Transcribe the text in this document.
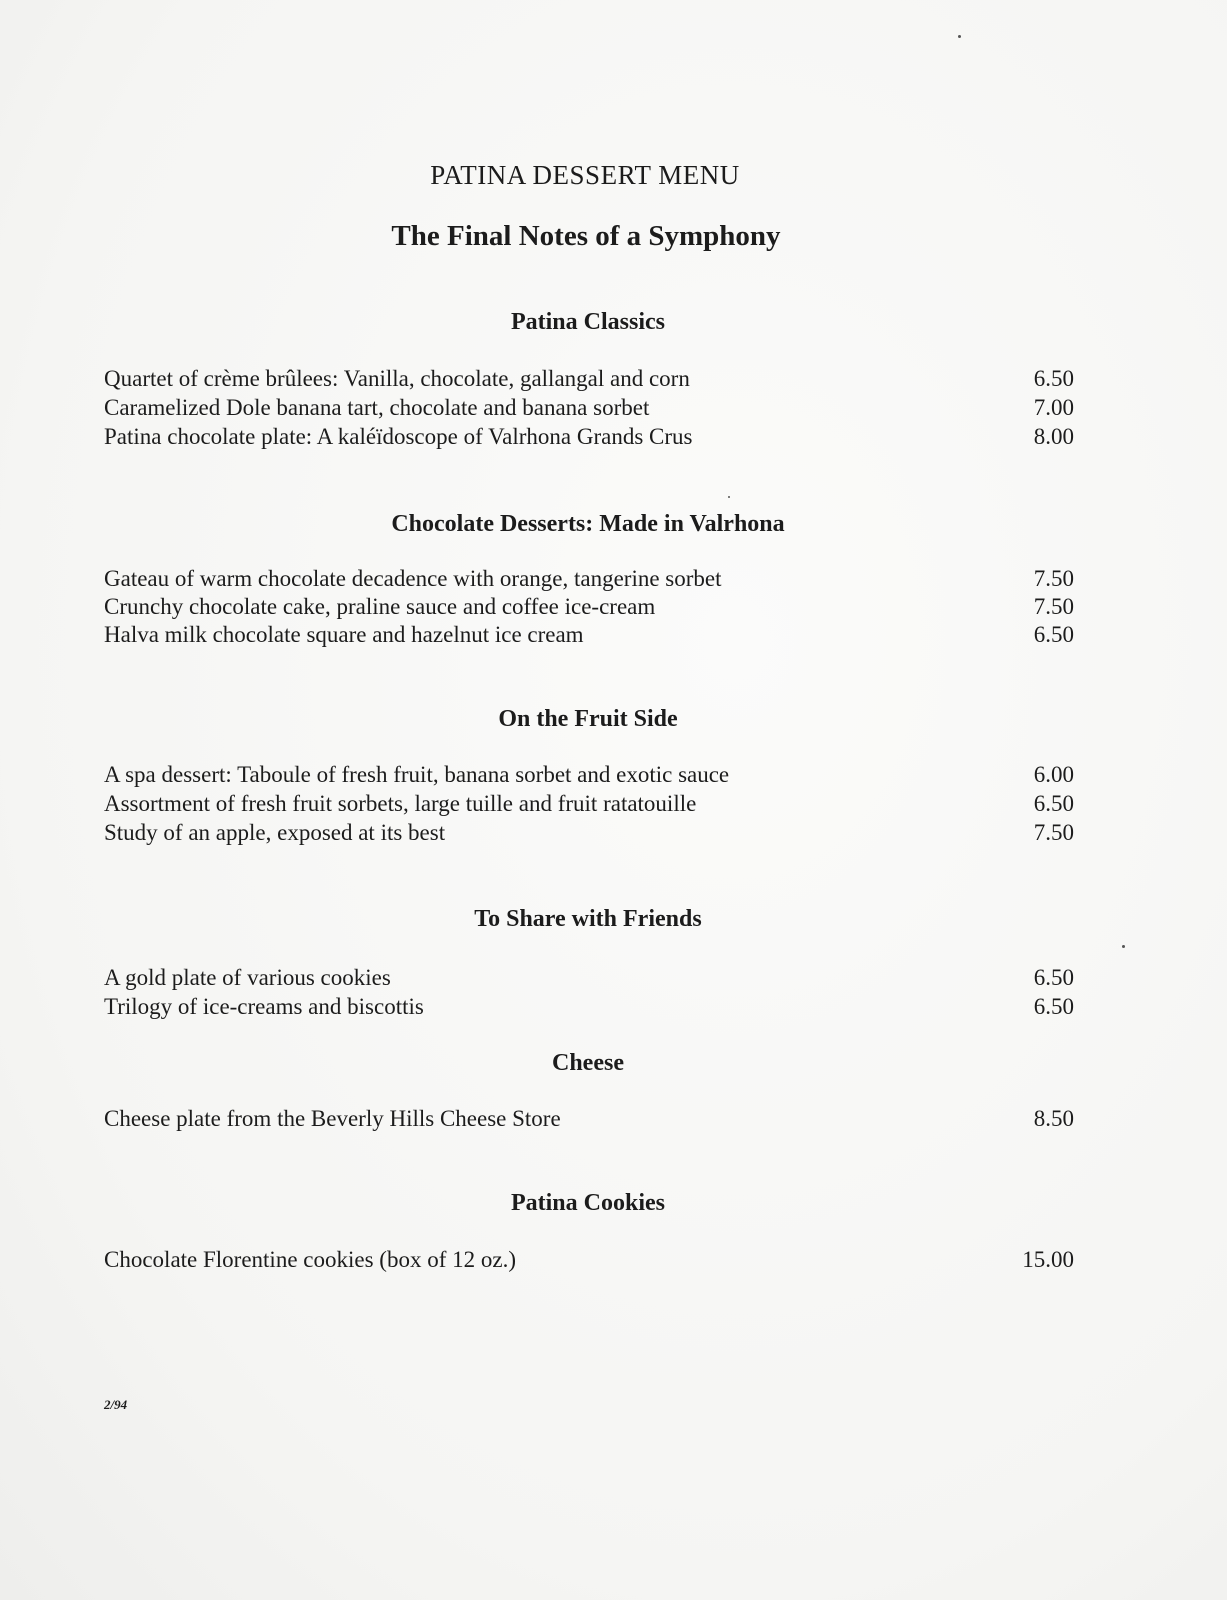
PATINA DESSERT MENU
The Final Notes of a Symphony
Patina Classics
Quartet of crème brûlees: Vanilla, chocolate, gallangal and corn	6.50
Caramelized Dole banana tart, chocolate and banana sorbet	7.00
Patina chocolate plate: A kaléïdoscope of Valrhona Grands Crus	8.00
Chocolate Desserts: Made in Valrhona
Gateau of warm chocolate decadence with orange, tangerine sorbet	7.50
Crunchy chocolate cake, praline sauce and coffee ice-cream	7.50
Halva milk chocolate square and hazelnut ice cream	6.50
On the Fruit Side
A spa dessert: Taboule of fresh fruit, banana sorbet and exotic sauce	6.00
Assortment of fresh fruit sorbets, large tuille and fruit ratatouille	6.50
Study of an apple, exposed at its best	7.50
To Share with Friends
A gold plate of various cookies	6.50
Trilogy of ice-creams and biscottis	6.50
Cheese
Cheese plate from the Beverly Hills Cheese Store	8.50
Patina Cookies
Chocolate Florentine cookies (box of 12 oz.)	15.00
2/94
